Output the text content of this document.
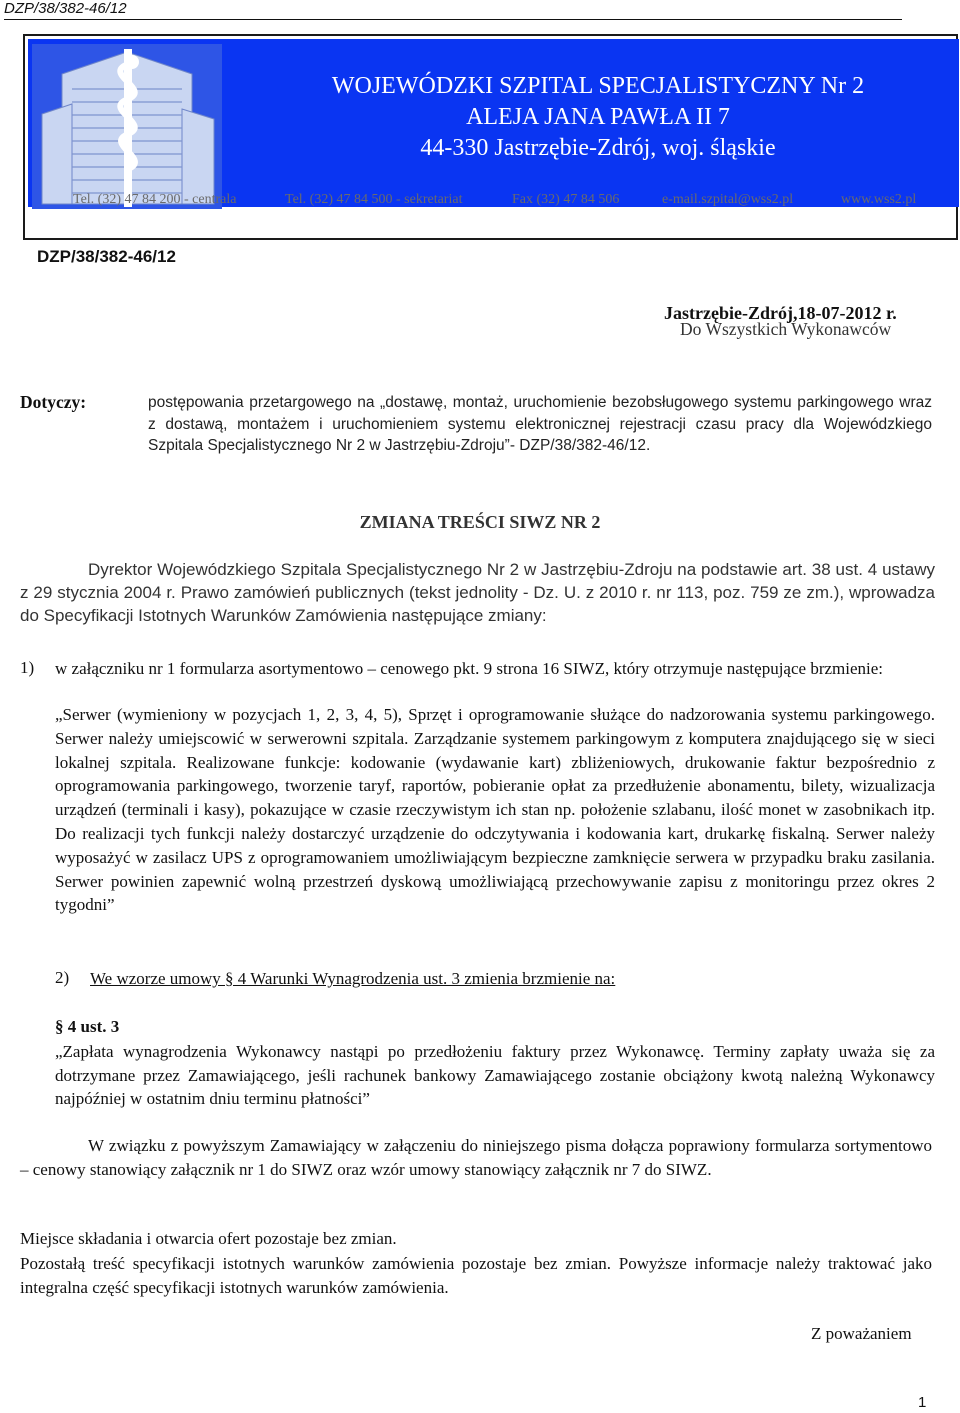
DZP/38/382-46/12
WOJEWÓDZKI SZPITAL SPECJALISTYCZNY Nr 2
ALEJA JANA PAWŁA II 7
44-330 Jastrzębie-Zdrój, woj. śląskie
Tel. (32) 47 84 200 - centrala	Tel. (32) 47 84 500 - sekretariat	Fax (32) 47 84 506	e-mail.szpital@wss2.pl	www.wss2.pl
DZP/38/382-46/12
Jastrzębie-Zdrój,18-07-2012 r.
Do Wszystkich Wykonawców
Dotyczy:	postępowania przetargowego na „dostawę, montaż, uruchomienie bezobsługowego systemu parkingowego wraz z dostawą, montażem i uruchomieniem systemu elektronicznej rejestracji czasu pracy dla Wojewódzkiego Szpitala Specjalistycznego Nr 2 w Jastrzębiu-Zdroju”- DZP/38/382-46/12.
ZMIANA TREŚCI SIWZ NR 2
Dyrektor Wojewódzkiego Szpitala Specjalistycznego Nr 2 w Jastrzębiu-Zdroju na podstawie art. 38 ust. 4 ustawy z 29 stycznia 2004 r. Prawo zamówień publicznych (tekst jednolity - Dz. U. z 2010 r. nr 113, poz. 759 ze zm.), wprowadza do Specyfikacji Istotnych Warunków Zamówienia następujące zmiany:
1) w załączniku nr 1 formularza asortymentowo – cenowego pkt. 9 strona 16 SIWZ, który otrzymuje następujące brzmienie:
„Serwer (wymieniony w pozycjach 1, 2, 3, 4, 5), Sprzęt i oprogramowanie służące do nadzorowania systemu parkingowego. Serwer należy umiejscowić w serwerowni szpitala. Zarządzanie systemem parkingowym z komputera znajdującego się w sieci lokalnej szpitala. Realizowane funkcje: kodowanie (wydawanie kart) zbliżeniowych, drukowanie faktur bezpośrednio z oprogramowania parkingowego, tworzenie taryf, raportów, pobieranie opłat za przedłużenie abonamentu, bilety, wizualizacja urządzeń (terminali i kasy), pokazujące w czasie rzeczywistym ich stan np. położenie szlabanu, ilość monet w zasobnikach itp. Do realizacji tych funkcji należy dostarczyć urządzenie do odczytywania i kodowania kart, drukarkę fiskalną. Serwer należy wyposażyć w zasilacz UPS z oprogramowaniem umożliwiającym bezpieczne zamknięcie serwera w przypadku braku zasilania. Serwer powinien zapewnić wolną przestrzeń dyskową umożliwiającą przechowywanie zapisu z monitoringu przez okres 2 tygodni”
2) We wzorze umowy § 4 Warunki Wynagrodzenia ust. 3 zmienia brzmienie na:
§ 4 ust. 3
„Zapłata wynagrodzenia Wykonawcy nastąpi po przedłożeniu faktury przez Wykonawcę. Terminy zapłaty uważa się za dotrzymane przez Zamawiającego, jeśli rachunek bankowy Zamawiającego zostanie obciążony kwotą należną Wykonawcy najpóźniej w ostatnim dniu terminu płatności”
W związku z powyższym Zamawiający w załączeniu do niniejszego pisma dołącza poprawiony formularza sortymentowo – cenowy stanowiący załącznik nr 1 do SIWZ oraz wzór umowy stanowiący załącznik nr 7 do SIWZ.
Miejsce składania i otwarcia ofert pozostaje bez zmian.
Pozostałą treść specyfikacji istotnych warunków zamówienia pozostaje bez zmian. Powyższe informacje należy traktować jako integralna część specyfikacji istotnych warunków zamówienia.
Z poważaniem
1
